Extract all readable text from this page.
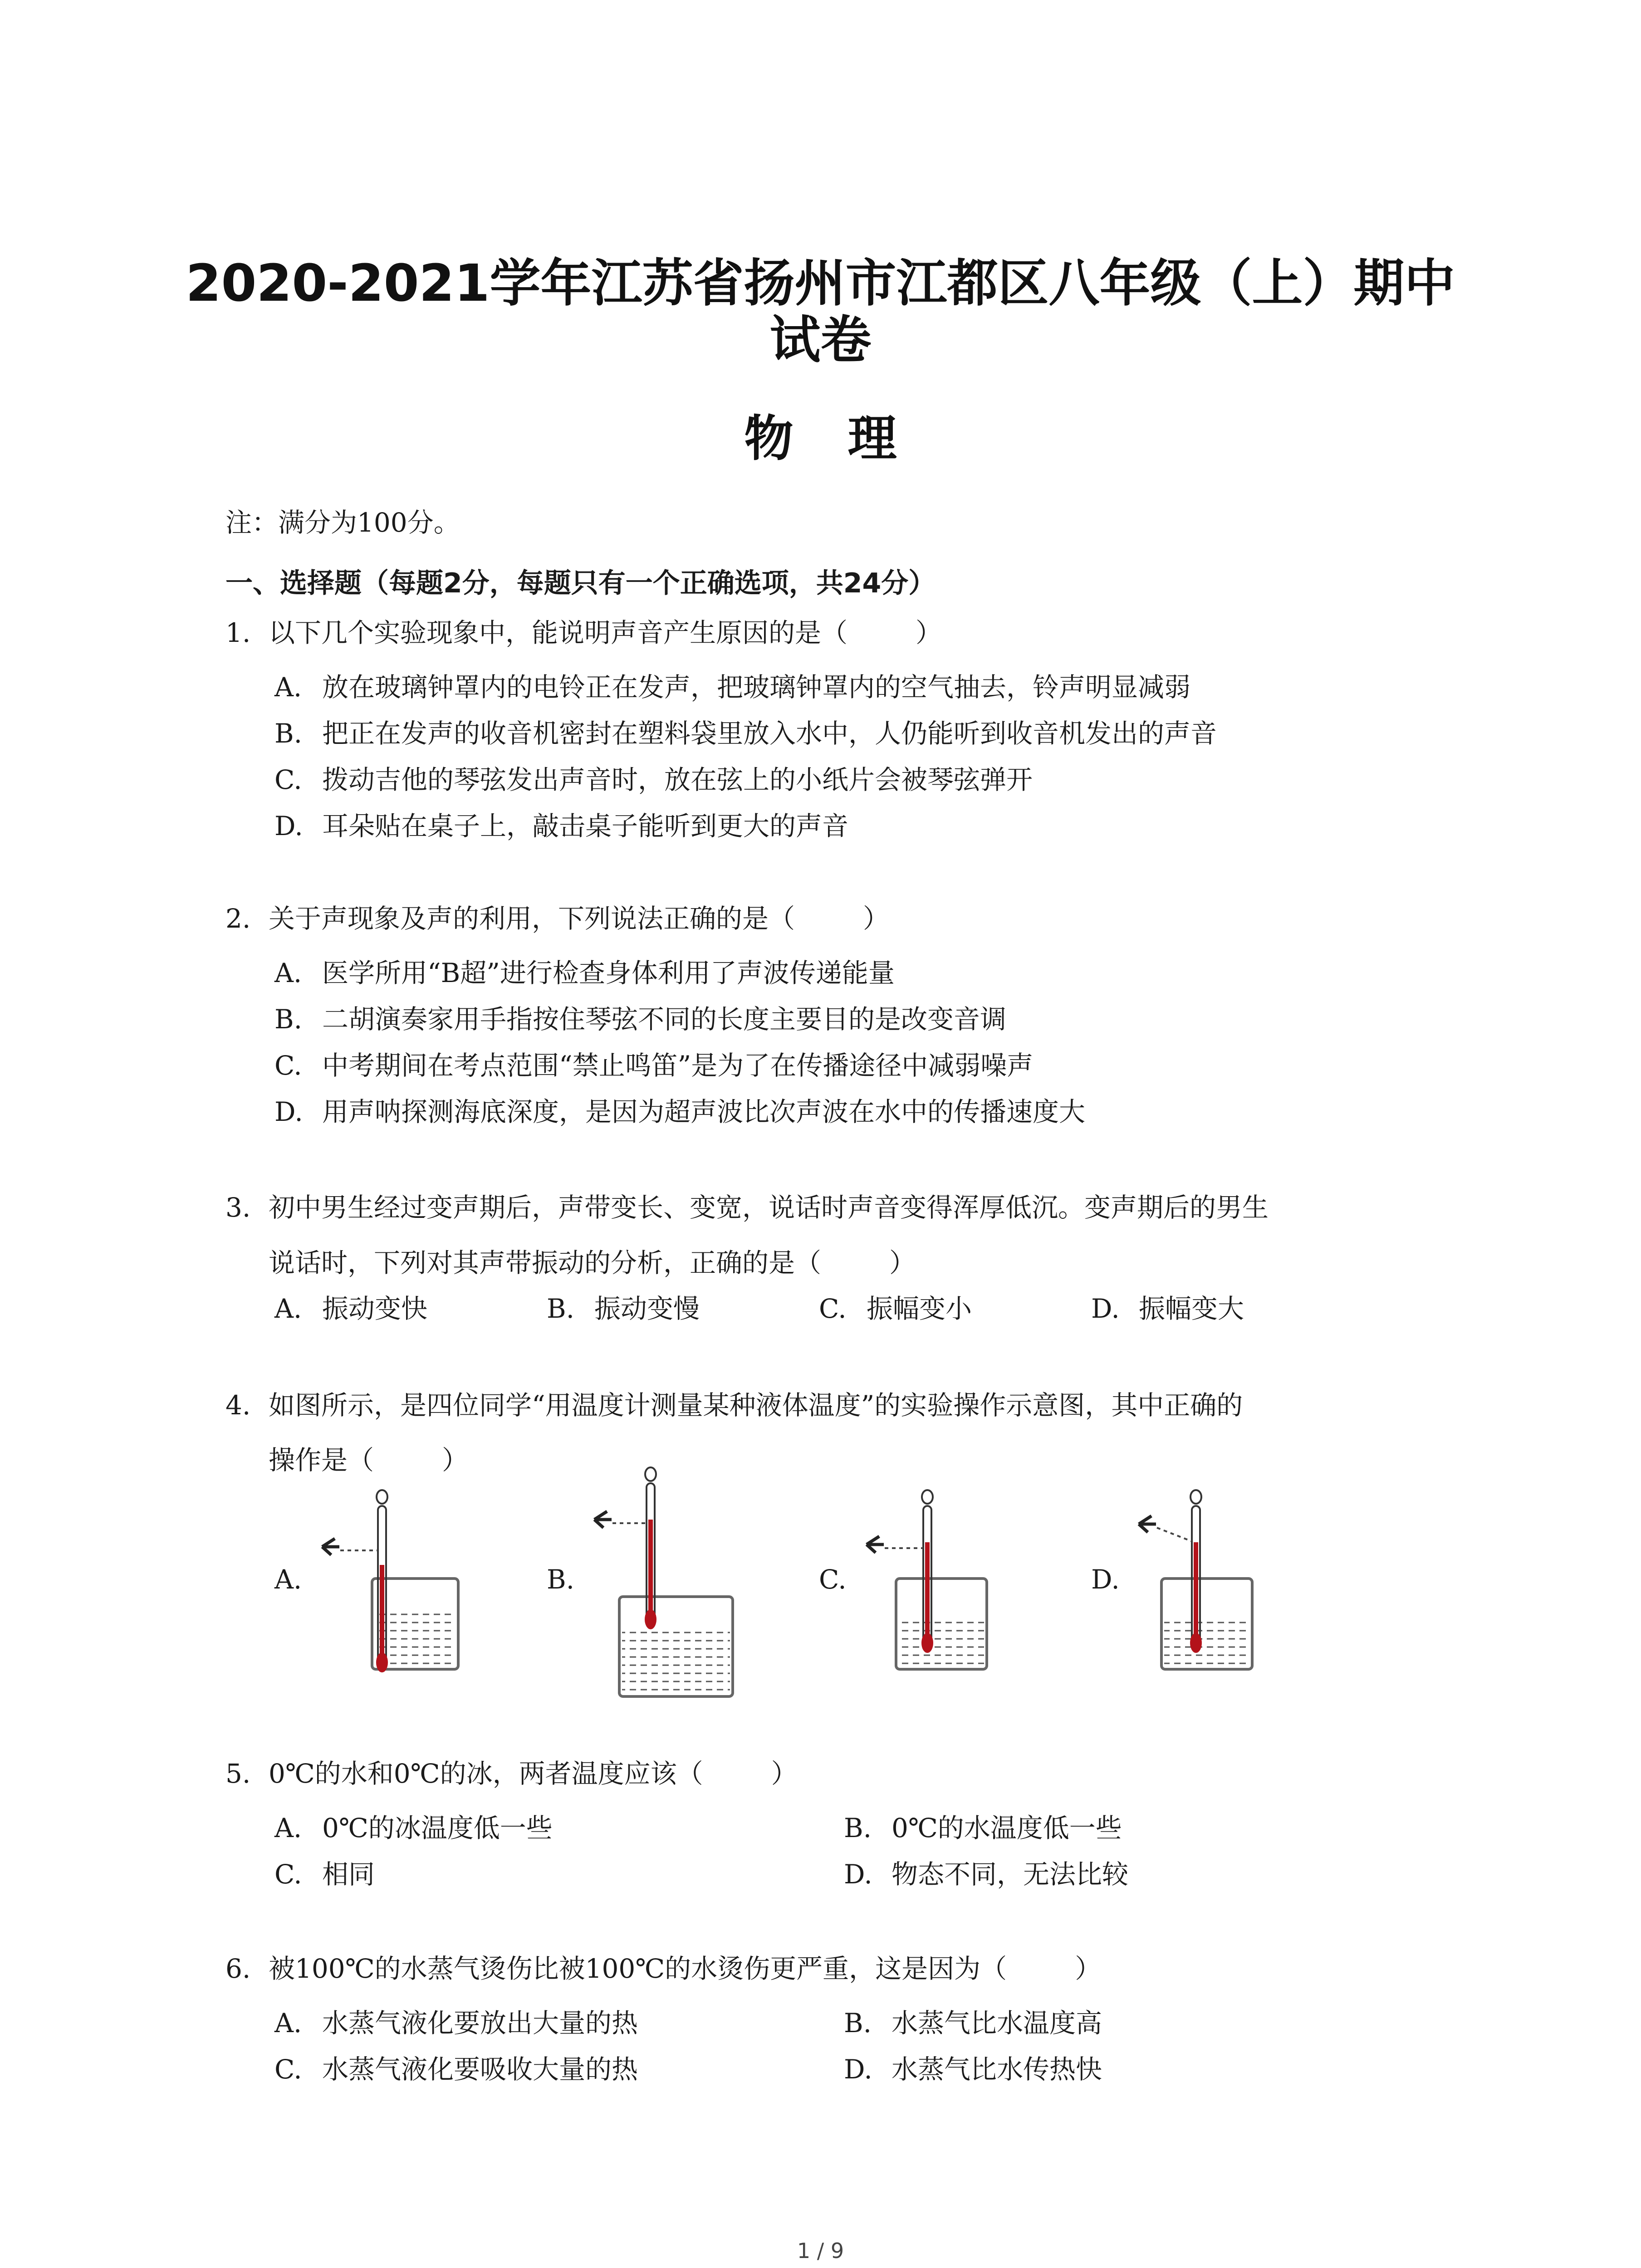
2020-2021学年江苏省扬州市江都区八年级（上）期中
试卷
物理
注：满分为100分。
一、选择题（每题2分，每题只有一个正确选项，共24分）
1. 以下几个实验现象中，能说明声音产生原因的是（	）
A. 放在玻璃钟罩内的电铃正在发声，把玻璃钟罩内的空气抽去，铃声明显减弱
B. 把正在发声的收音机密封在塑料袋里放入水中，人仍能听到收音机发出的声音
C. 拨动吉他的琴弦发出声音时，放在弦上的小纸片会被琴弦弹开
D. 耳朵贴在桌子上，敲击桌子能听到更大的声音
2. 关于声现象及声的利用，下列说法正确的是（	）
A. 医学所用“B超”进行检查身体利用了声波传递能量
B. 二胡演奏家用手指按住琴弦不同的长度主要目的是改变音调
C. 中考期间在考点范围“禁止鸣笛”是为了在传播途径中减弱噪声
D. 用声呐探测海底深度，是因为超声波比次声波在水中的传播速度大
3. 初中男生经过变声期后，声带变长、变宽，说话时声音变得浑厚低沉。变声期后的男生
说话时，下列对其声带振动的分析，正确的是（	）
A. 振动变快	B. 振动变慢	C. 振幅变小	D. 振幅变大
4. 如图所示，是四位同学“用温度计测量某种液体温度”的实验操作示意图，其中正确的
操作是（	）
A.	B.	C.	D.
5. 0℃的水和0℃的冰，两者温度应该（	）
A. 0℃的冰温度低一些	B. 0℃的水温度低一些
C. 相同	D. 物态不同，无法比较
6. 被100℃的水蒸气烫伤比被100℃的水烫伤更严重，这是因为（	）
A. 水蒸气液化要放出大量的热	B. 水蒸气比水温度高
C. 水蒸气液化要吸收大量的热	D. 水蒸气比水传热快
1 / 9
